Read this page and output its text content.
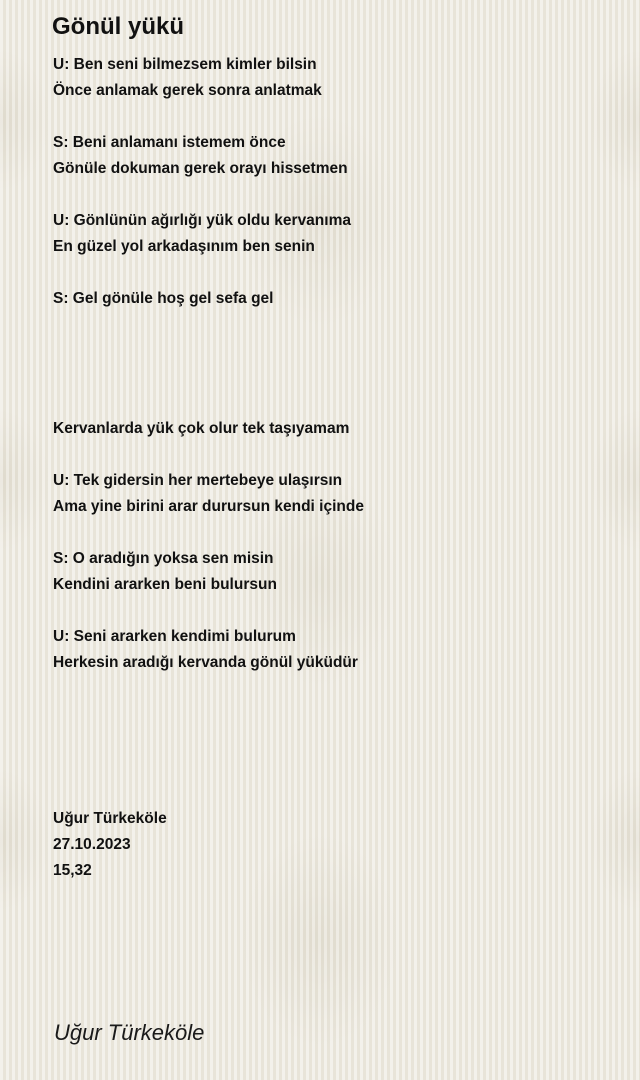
Gönül yükü
U: Ben seni bilmezsem kimler bilsin
Önce anlamak gerek sonra anlatmak
S: Beni anlamanı istemem önce
Gönüle dokuman gerek orayı hissetmen
U: Gönlünün ağırlığı yük oldu kervanıma
En güzel yol arkadaşınım ben senin
S: Gel gönüle hoş gel sefa gel
Kervanlarda yük çok olur tek taşıyamam
U: Tek gidersin her mertebeye ulaşırsın
Ama yine birini arar durursun kendi içinde
S: O aradığın yoksa sen misin
Kendini ararken beni bulursun
U: Seni ararken kendimi bulurum
Herkesin aradığı kervanda gönül yüküdür
Uğur Türkeköle
27.10.2023
15,32
Uğur Türkeköle
